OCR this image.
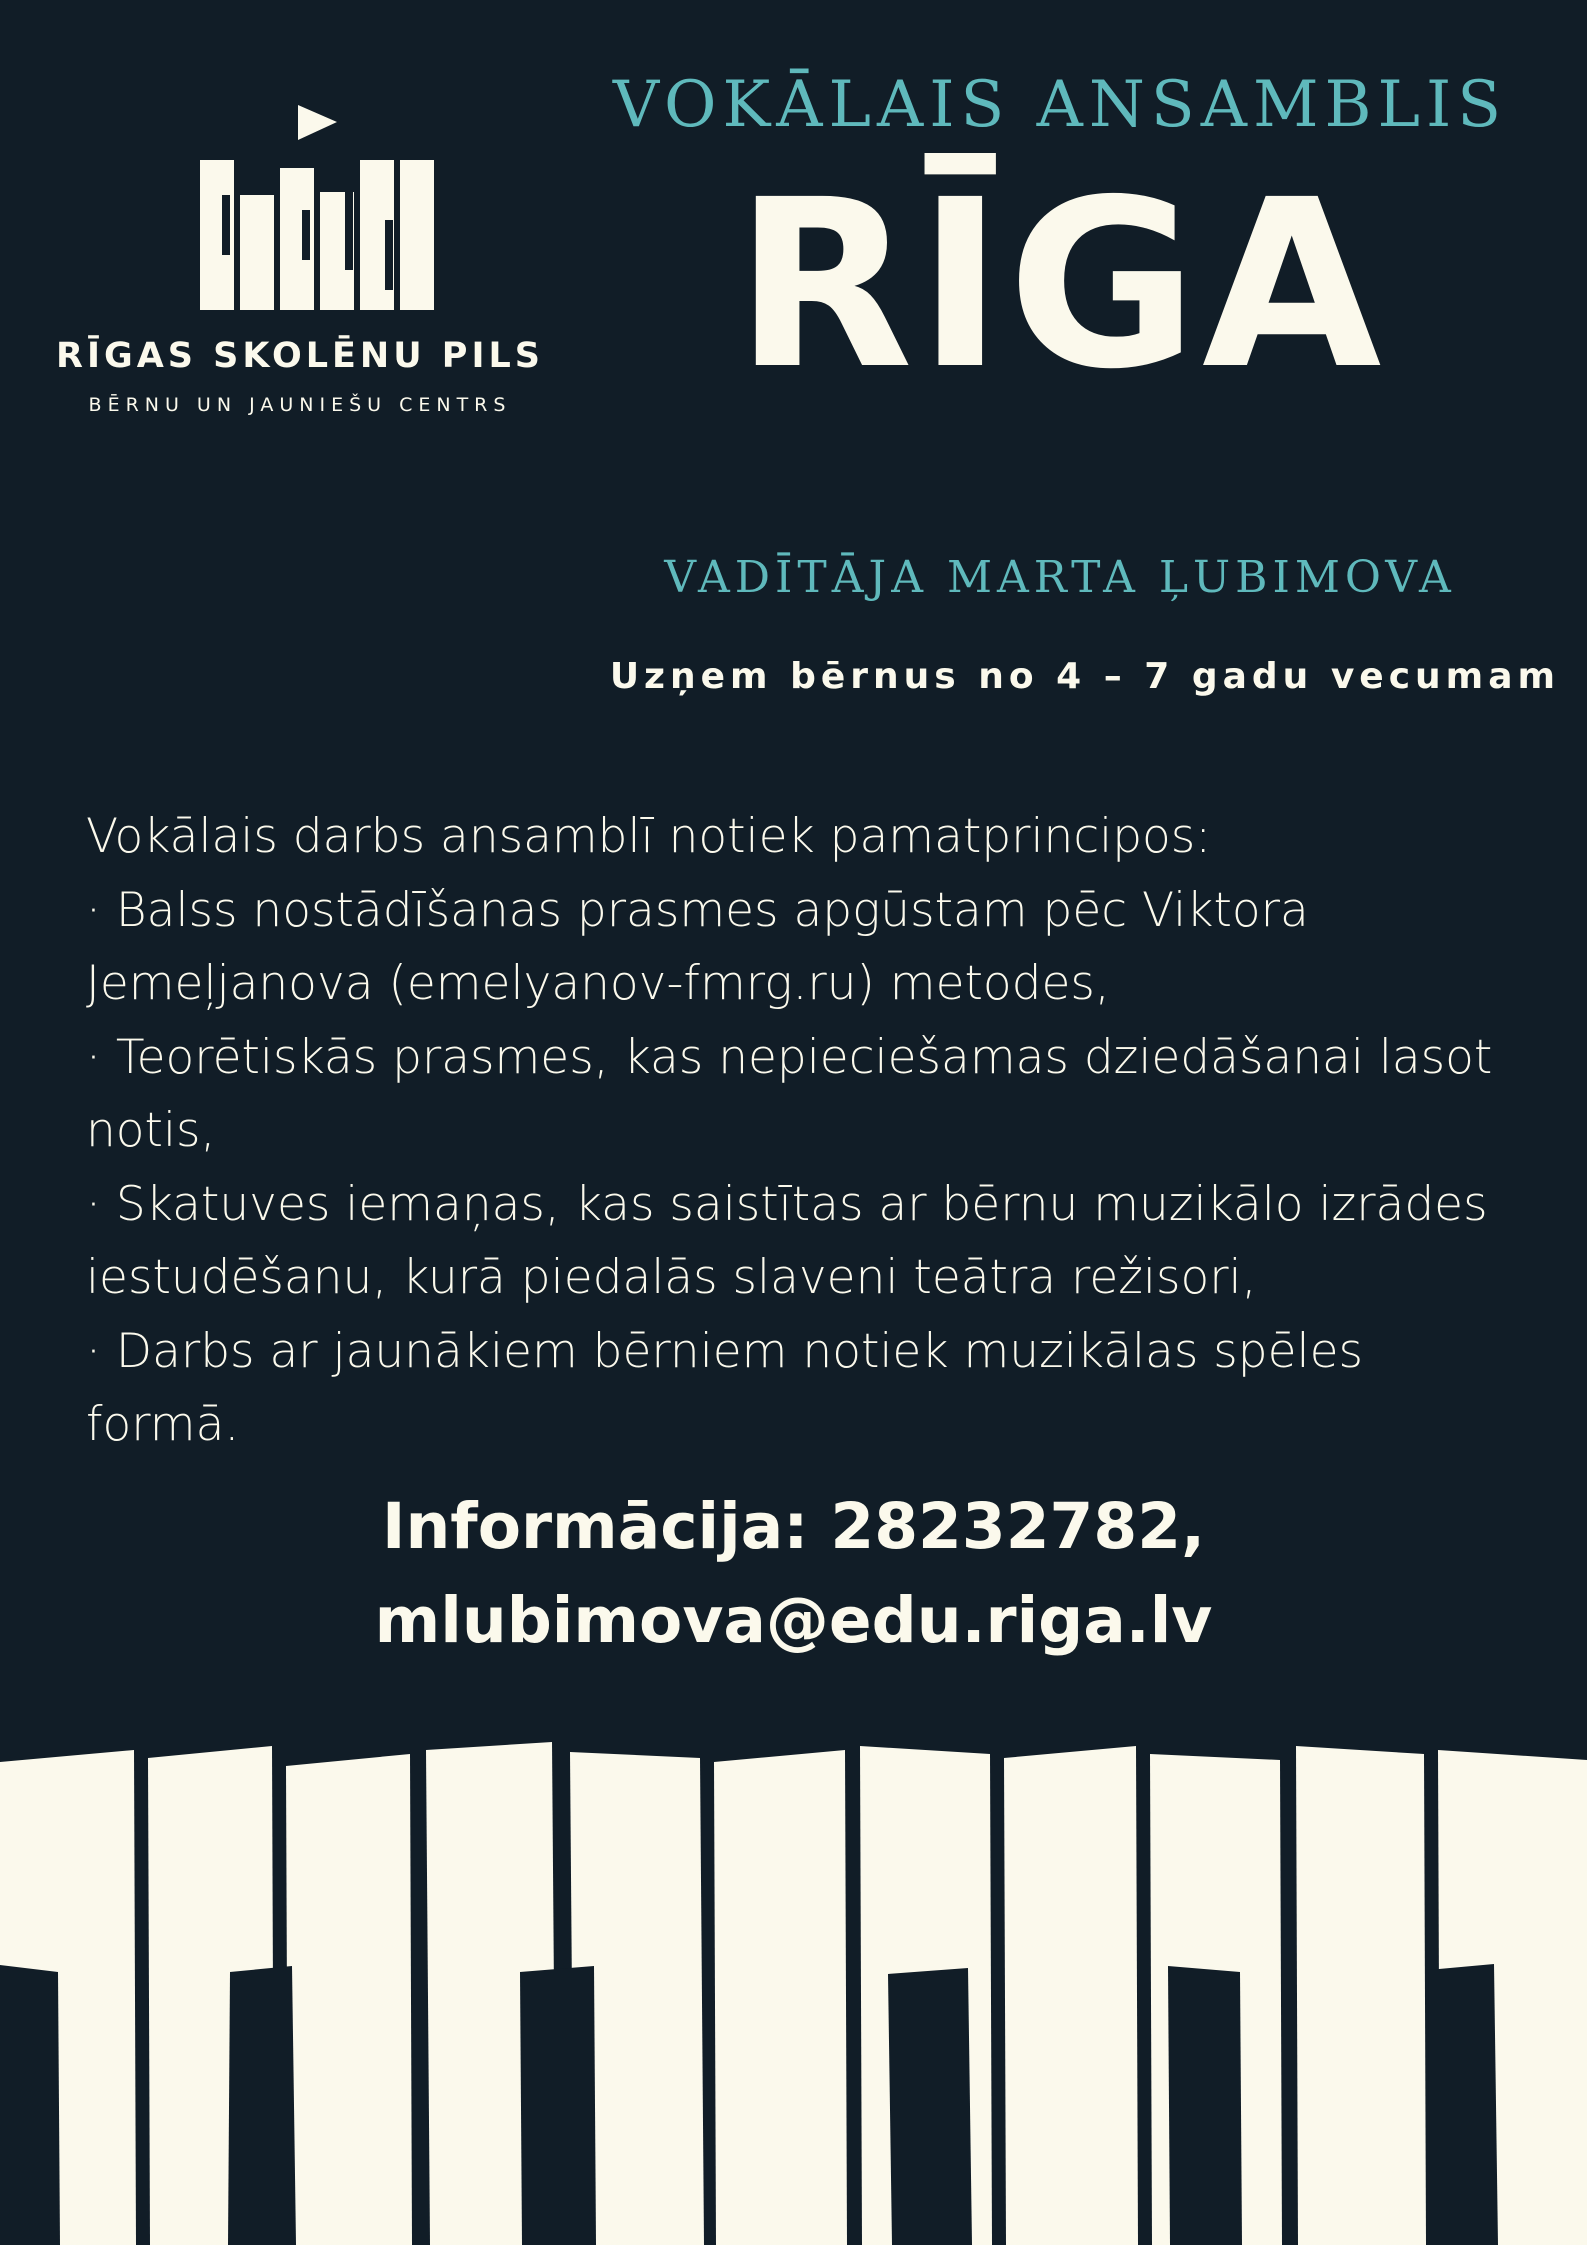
RĪGAS SKOLĒNU PILS
BĒRNU UN JAUNIEŠU CENTRS
VOKĀLAIS ANSAMBLIS
RĪGA
VADĪTĀJA MARTA ĻUBIMOVA
Uzņem bērnus no 4 – 7 gadu vecumam

Vokālais darbs ansamblī notiek pamatprincipos:

· Balss nostādīšanas prasmes apgūstam pēc Viktora Jemeļjanova (emelyanov-fmrg.ru) metodes,

· Teorētiskās prasmes, kas nepieciešamas dziedāšanai lasot notis,

· Skatuves iemaņas, kas saistītas ar bērnu muzikālo izrādes iestudēšanu, kurā piedalās slaveni teātra režisori,

· Darbs ar jaunākiem bērniem notiek muzikālas spēles formā.

Informācija: 28232782,
mlubimova@edu.riga.lv
